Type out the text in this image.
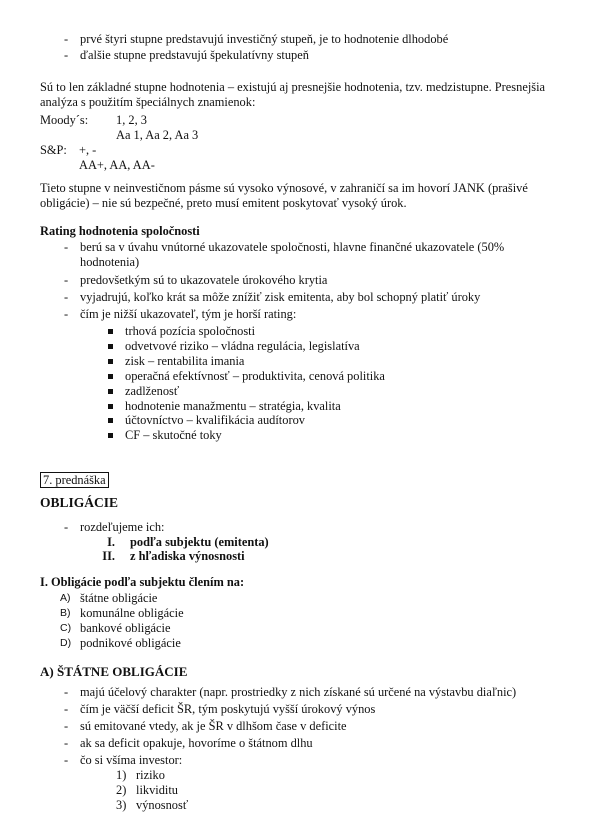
- prvé štyri stupne predstavujú investičný stupeň, je to hodnotenie dlhodobé
- ďalšie stupne predstavujú špekulatívny stupeň
Sú to len základné stupne hodnotenia – existujú aj presnejšie hodnotenia, tzv. medzistupne. Presnejšia
analýza s použitím špeciálnych znamienok:
Moody´s: 1, 2, 3
Aa 1, Aa 2, Aa 3
S&P: +, -
AA+, AA, AA-
Tieto stupne v neinvestičnom pásme sú vysoko výnosové, v zahraničí sa im hovorí JANK (prašivé
obligácie) – nie sú bezpečné, preto musí emitent poskytovať vysoký úrok.
Rating hodnotenia spoločnosti
- berú sa v úvahu vnútorné ukazovatele spoločnosti, hlavne finančné ukazovatele (50%
hodnotenia)
- predovšetkým sú to ukazovatele úrokového krytia
- vyjadrujú, koľko krát sa môže znížiť zisk emitenta, aby bol schopný platiť úroky
- čím je nižší ukazovateľ, tým je horší rating:
trhová pozícia spoločnosti
odvetvové riziko – vládna regulácia, legislatíva
zisk – rentabilita imania
operačná efektívnosť – produktivita, cenová politika
zadlženosť
hodnotenie manažmentu – stratégia, kvalita
účtovníctvo – kvalifikácia audítorov
CF – skutočné toky
7. prednáška
OBLIGÁCIE
- rozdeľujeme ich:
I. podľa subjektu (emitenta)
II. z hľadiska výnosnosti
I. Obligácie podľa subjektu člením na:
A) štátne obligácie
B) komunálne obligácie
C) bankové obligácie
D) podnikové obligácie
A) ŠTÁTNE OBLIGÁCIE
- majú účelový charakter (napr. prostriedky z nich získané sú určené na výstavbu diaľnic)
- čím je väčší deficit ŠR, tým poskytujú vyšší úrokový výnos
- sú emitované vtedy, ak je ŠR v dlhšom čase v deficite
- ak sa deficit opakuje, hovoríme o štátnom dlhu
- čo si všíma investor:
1) riziko
2) likviditu
3) výnosnosť
